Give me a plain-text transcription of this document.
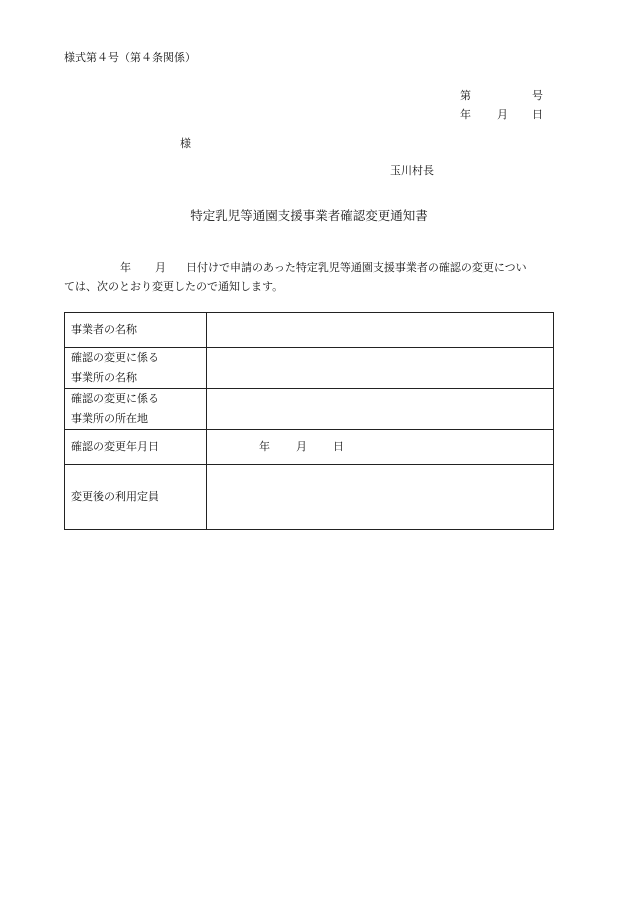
様式第４号（第４条関係）
第	号
年 月 日
様
玉川村長
特定乳児等通園支援事業者確認変更通知書
年 月 日付けで申請のあった特定乳児等通園支援事業者の確認の変更につい
ては、次のとおり変更したので通知します。
事業者の名称	

確認の変更に係る
事業所の名称	

確認の変更に係る
事業所の所在地	

確認の変更年月日	年 月 日
変更後の利用定員	
